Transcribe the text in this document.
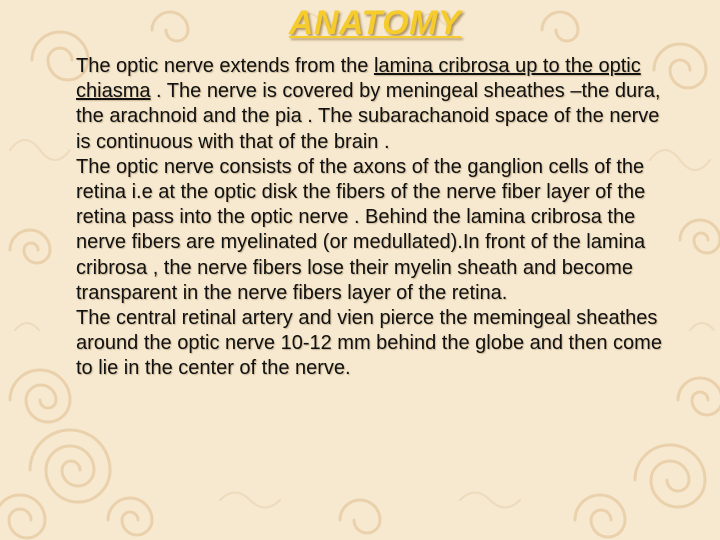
ANATOMY

The optic nerve extends from the lamina cribrosa up to the optic chiasma . The nerve is covered by meningeal sheathes –the dura, the arachnoid and the pia . The subarachanoid space of the nerve is continuous with that of the brain .

The optic nerve consists of the axons of the ganglion cells of the retina i.e at the optic disk the fibers of the nerve fiber layer of the retina pass into the optic nerve . Behind the lamina cribrosa the nerve fibers are myelinated (or medullated).In front of the lamina cribrosa , the nerve fibers lose their myelin sheath and become transparent in the nerve fibers layer of the retina.

The central retinal artery and vien pierce the memingeal sheathes around the optic nerve 10-12 mm behind the globe and then come to lie in the center of the nerve.
